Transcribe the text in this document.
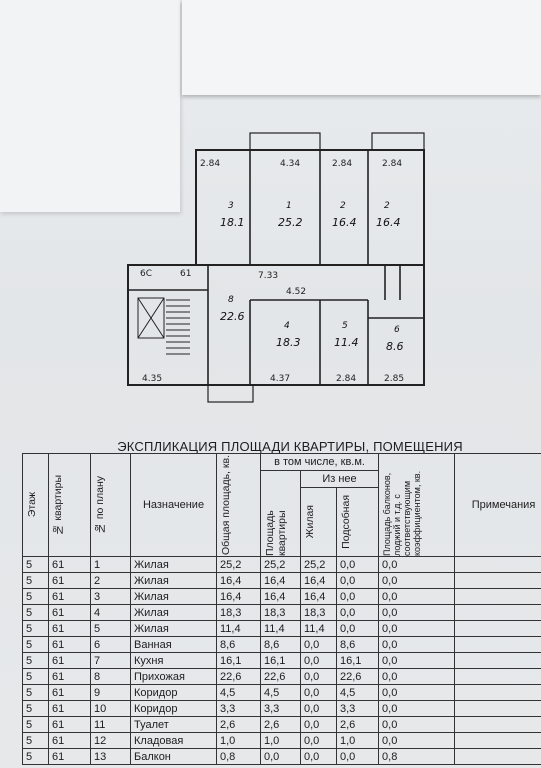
2.84	4.34	2.84	2.84
4.35	4.37	2.84	2.85
7.33
4.52
6C	61
3
18.1
1
25.2
2
16.4
2
16.4
8
22.6
4
18.3
5
11.4
6
8.6
ЭКСПЛИКАЦИЯ ПЛОЩАДИ КВАРТИРЫ, ПОМЕЩЕНИЯ
Этаж	№ квартиры	№ по плану	Назначение	Общая площадь, кв.	в том числе, кв.м.			Площадь балконов, лоджий и т.д. с соответствующим коэффициентом, кв.	Примечания

					Площадь квартиры	Из нее			

						Жилая	Подсобная		

5	61	1	Жилая	25,2	25,2	25,2	0,0	0,0	
5	61	2	Жилая	16,4	16,4	16,4	0,0	0,0	
5	61	3	Жилая	16,4	16,4	16,4	0,0	0,0	
5	61	4	Жилая	18,3	18,3	18,3	0,0	0,0	
5	61	5	Жилая	11,4	11,4	11,4	0,0	0,0	
5	61	6	Ванная	8,6	8,6	0,0	8,6	0,0	
5	61	7	Кухня	16,1	16,1	0,0	16,1	0,0	
5	61	8	Прихожая	22,6	22,6	0,0	22,6	0,0	
5	61	9	Коридор	4,5	4,5	0,0	4,5	0,0	
5	61	10	Коридор	3,3	3,3	0,0	3,3	0,0	
5	61	11	Туалет	2,6	2,6	0,0	2,6	0,0	
5	61	12	Кладовая	1,0	1,0	0,0	1,0	0,0	
5	61	13	Балкон	0,8	0,0	0,0	0,0	0,8	
